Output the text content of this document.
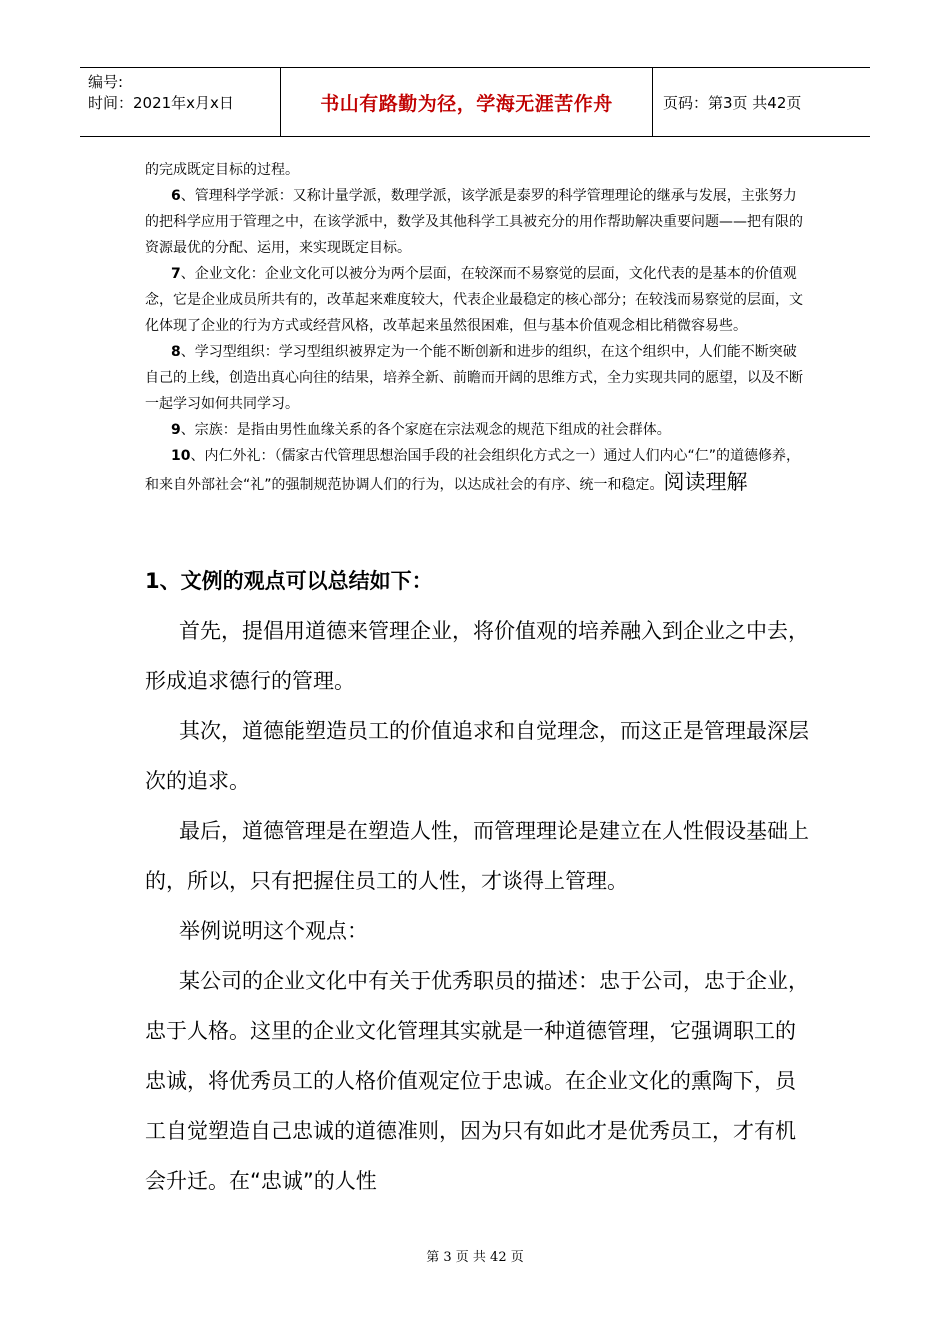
编号:
时间：2021年x月x日	书山有路勤为径，学海无涯苦作舟	页码：第3页 共42页

的完成既定目标的过程。

6、管理科学学派：又称计量学派，数理学派，该学派是泰罗的科学管理理论的继承与发展，主张努力的把科学应用于管理之中，在该学派中，数学及其他科学工具被充分的用作帮助解决重要问题——把有限的资源最优的分配、运用，来实现既定目标。

7、企业文化：企业文化可以被分为两个层面，在较深而不易察觉的层面，文化代表的是基本的价值观念，它是企业成员所共有的，改革起来难度较大，代表企业最稳定的核心部分；在较浅而易察觉的层面，文化体现了企业的行为方式或经营风格，改革起来虽然很困难，但与基本价值观念相比稍微容易些。

8、学习型组织：学习型组织被界定为一个能不断创新和进步的组织，在这个组织中，人们能不断突破自己的上线，创造出真心向往的结果，培养全新、前瞻而开阔的思维方式，全力实现共同的愿望，以及不断一起学习如何共同学习。

9、宗族：是指由男性血缘关系的各个家庭在宗法观念的规范下组成的社会群体。

10、内仁外礼：（儒家古代管理思想治国手段的社会组织化方式之一）通过人们内心“仁”的道德修养，和来自外部社会“礼”的强制规范协调人们的行为，以达成社会的有序、统一和稳定。阅读理解

1、文例的观点可以总结如下：

首先，提倡用道德来管理企业，将价值观的培养融入到企业之中去，形成追求德行的管理。

其次，道德能塑造员工的价值追求和自觉理念，而这正是管理最深层次的追求。

最后，道德管理是在塑造人性，而管理理论是建立在人性假设基础上的，所以，只有把握住员工的人性，才谈得上管理。

举例说明这个观点：

某公司的企业文化中有关于优秀职员的描述：忠于公司，忠于企业，忠于人格。这里的企业文化管理其实就是一种道德管理，它强调职工的忠诚，将优秀员工的人格价值观定位于忠诚。在企业文化的熏陶下，员工自觉塑造自己忠诚的道德准则，因为只有如此才是优秀员工，才有机会升迁。在“忠诚”的人性

第 3 页 共 42 页
